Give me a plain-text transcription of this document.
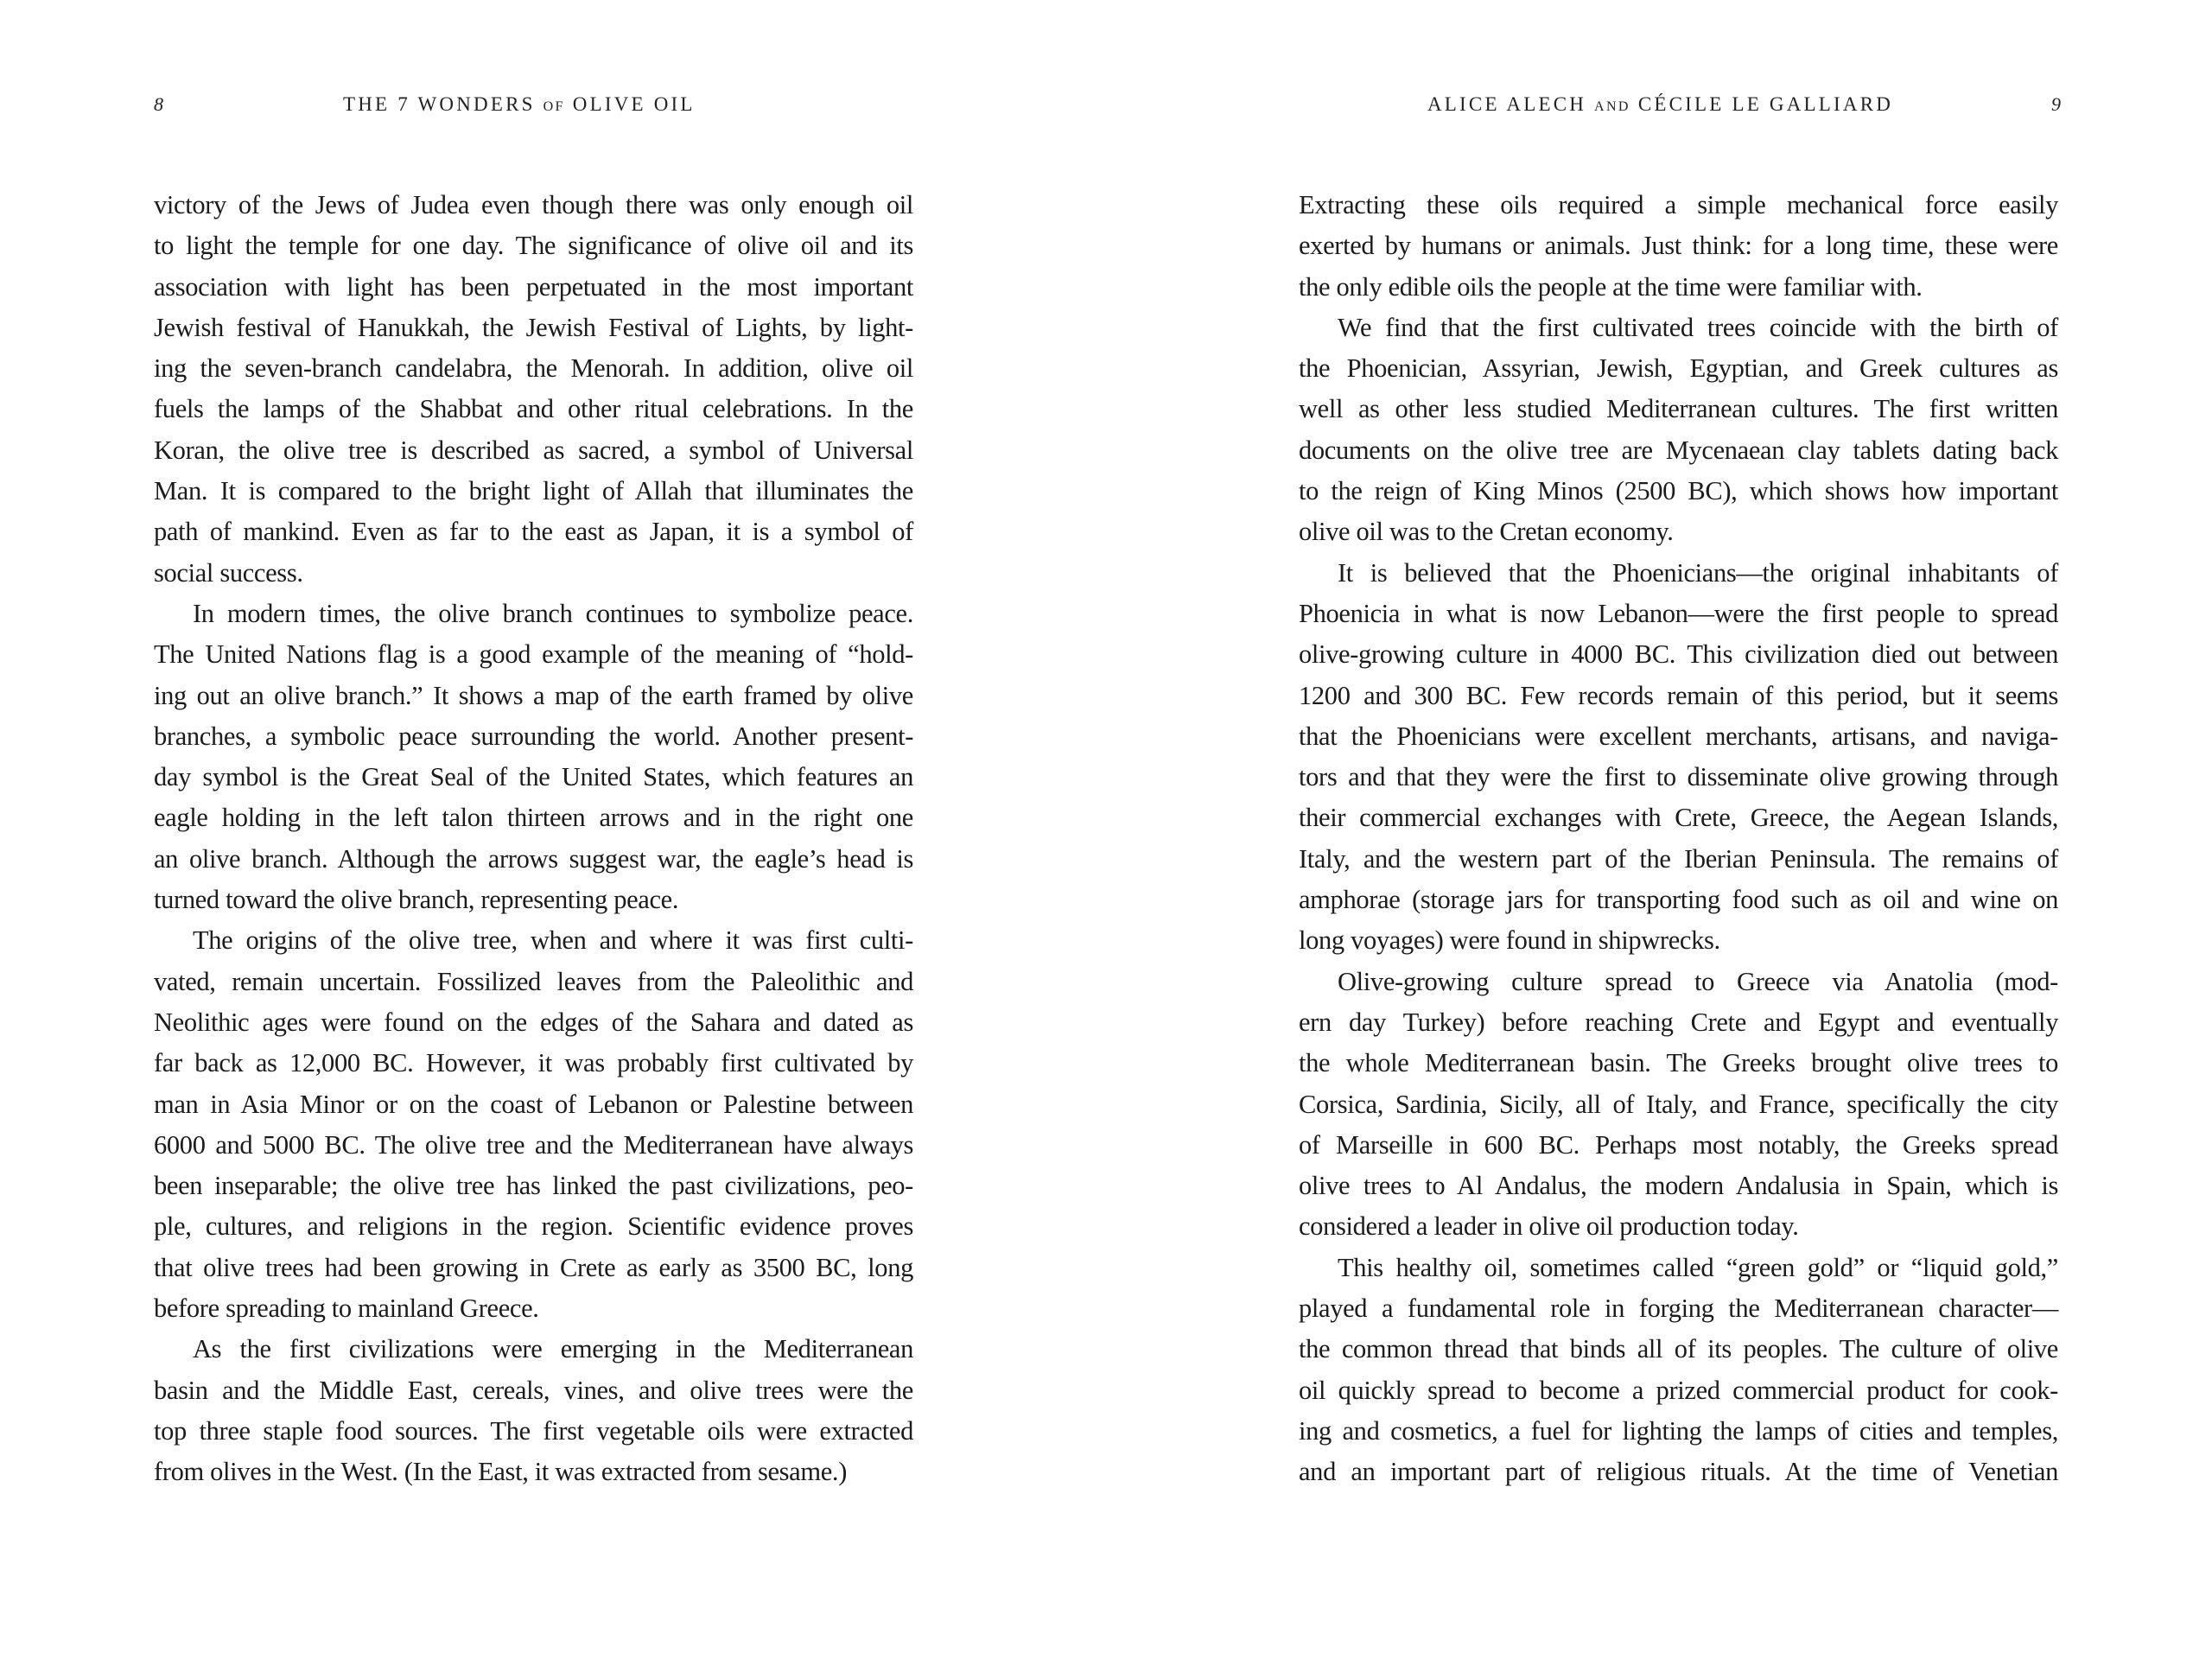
8	THE 7 WONDERS OF OLIVE OIL
victory of the Jews of Judea even though there was only enough oil
to light the temple for one day. The significance of olive oil and its
association with light has been perpetuated in the most important
Jewish festival of Hanukkah, the Jewish Festival of Lights, by light-
ing the seven-branch candelabra, the Menorah. In addition, olive oil
fuels the lamps of the Shabbat and other ritual celebrations. In the
Koran, the olive tree is described as sacred, a symbol of Universal
Man. It is compared to the bright light of Allah that illuminates the
path of mankind. Even as far to the east as Japan, it is a symbol of
social success.
In modern times, the olive branch continues to symbolize peace.
The United Nations flag is a good example of the meaning of “hold-
ing out an olive branch.” It shows a map of the earth framed by olive
branches, a symbolic peace surrounding the world. Another present-
day symbol is the Great Seal of the United States, which features an
eagle holding in the left talon thirteen arrows and in the right one
an olive branch. Although the arrows suggest war, the eagle’s head is
turned toward the olive branch, representing peace.
The origins of the olive tree, when and where it was first culti-
vated, remain uncertain. Fossilized leaves from the Paleolithic and
Neolithic ages were found on the edges of the Sahara and dated as
far back as 12,000 BC. However, it was probably first cultivated by
man in Asia Minor or on the coast of Lebanon or Palestine between
6000 and 5000 BC. The olive tree and the Mediterranean have always
been inseparable; the olive tree has linked the past civilizations, peo-
ple, cultures, and religions in the region. Scientific evidence proves
that olive trees had been growing in Crete as early as 3500 BC, long
before spreading to mainland Greece.
As the first civilizations were emerging in the Mediterranean
basin and the Middle East, cereals, vines, and olive trees were the
top three staple food sources. The first vegetable oils were extracted
from olives in the West. (In the East, it was extracted from sesame.)
ALICE ALECH AND CÉCILE LE GALLIARD	9
Extracting these oils required a simple mechanical force easily
exerted by humans or animals. Just think: for a long time, these were
the only edible oils the people at the time were familiar with.
We find that the first cultivated trees coincide with the birth of
the Phoenician, Assyrian, Jewish, Egyptian, and Greek cultures as
well as other less studied Mediterranean cultures. The first written
documents on the olive tree are Mycenaean clay tablets dating back
to the reign of King Minos (2500 BC), which shows how important
olive oil was to the Cretan economy.
It is believed that the Phoenicians—the original inhabitants of
Phoenicia in what is now Lebanon—were the first people to spread
olive-growing culture in 4000 BC. This civilization died out between
1200 and 300 BC. Few records remain of this period, but it seems
that the Phoenicians were excellent merchants, artisans, and naviga-
tors and that they were the first to disseminate olive growing through
their commercial exchanges with Crete, Greece, the Aegean Islands,
Italy, and the western part of the Iberian Peninsula. The remains of
amphorae (storage jars for transporting food such as oil and wine on
long voyages) were found in shipwrecks.
Olive-growing culture spread to Greece via Anatolia (mod-
ern day Turkey) before reaching Crete and Egypt and eventually
the whole Mediterranean basin. The Greeks brought olive trees to
Corsica, Sardinia, Sicily, all of Italy, and France, specifically the city
of Marseille in 600 BC. Perhaps most notably, the Greeks spread
olive trees to Al Andalus, the modern Andalusia in Spain, which is
considered a leader in olive oil production today.
This healthy oil, sometimes called “green gold” or “liquid gold,”
played a fundamental role in forging the Mediterranean character—
the common thread that binds all of its peoples. The culture of olive
oil quickly spread to become a prized commercial product for cook-
ing and cosmetics, a fuel for lighting the lamps of cities and temples,
and an important part of religious rituals. At the time of Venetian
